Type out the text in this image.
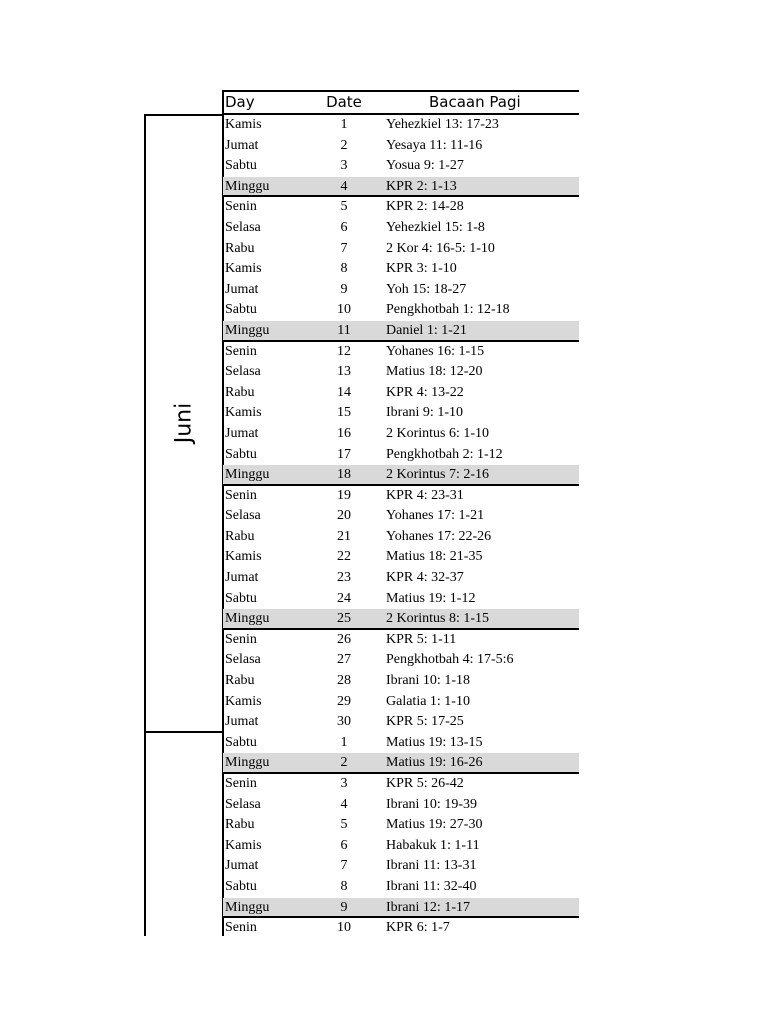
Day	Date	Bacaan Pagi
Juni
Kamis	1	Yehezkiel 13: 17-23
Jumat	2	Yesaya 11: 11-16
Sabtu	3	Yosua 9: 1-27
Minggu	4	KPR 2: 1-13
Senin	5	KPR 2: 14-28
Selasa	6	Yehezkiel 15: 1-8
Rabu	7	2 Kor 4: 16-5: 1-10
Kamis	8	KPR 3: 1-10
Jumat	9	Yoh 15: 18-27
Sabtu	10	Pengkhotbah 1: 12-18
Minggu	11	Daniel 1: 1-21
Senin	12	Yohanes 16: 1-15
Selasa	13	Matius 18: 12-20
Rabu	14	KPR 4: 13-22
Kamis	15	Ibrani 9: 1-10
Jumat	16	2 Korintus 6: 1-10
Sabtu	17	Pengkhotbah 2: 1-12
Minggu	18	2 Korintus 7: 2-16
Senin	19	KPR 4: 23-31
Selasa	20	Yohanes 17: 1-21
Rabu	21	Yohanes 17: 22-26
Kamis	22	Matius 18: 21-35
Jumat	23	KPR 4: 32-37
Sabtu	24	Matius 19: 1-12
Minggu	25	2 Korintus 8: 1-15
Senin	26	KPR 5: 1-11
Selasa	27	Pengkhotbah 4: 17-5:6
Rabu	28	Ibrani 10: 1-18
Kamis	29	Galatia 1: 1-10
Jumat	30	KPR 5: 17-25
Sabtu	1	Matius 19: 13-15
Minggu	2	Matius 19: 16-26
Senin	3	KPR 5: 26-42
Selasa	4	Ibrani 10: 19-39
Rabu	5	Matius 19: 27-30
Kamis	6	Habakuk 1: 1-11
Jumat	7	Ibrani 11: 13-31
Sabtu	8	Ibrani 11: 32-40
Minggu	9	Ibrani 12: 1-17
Senin	10	KPR 6: 1-7
